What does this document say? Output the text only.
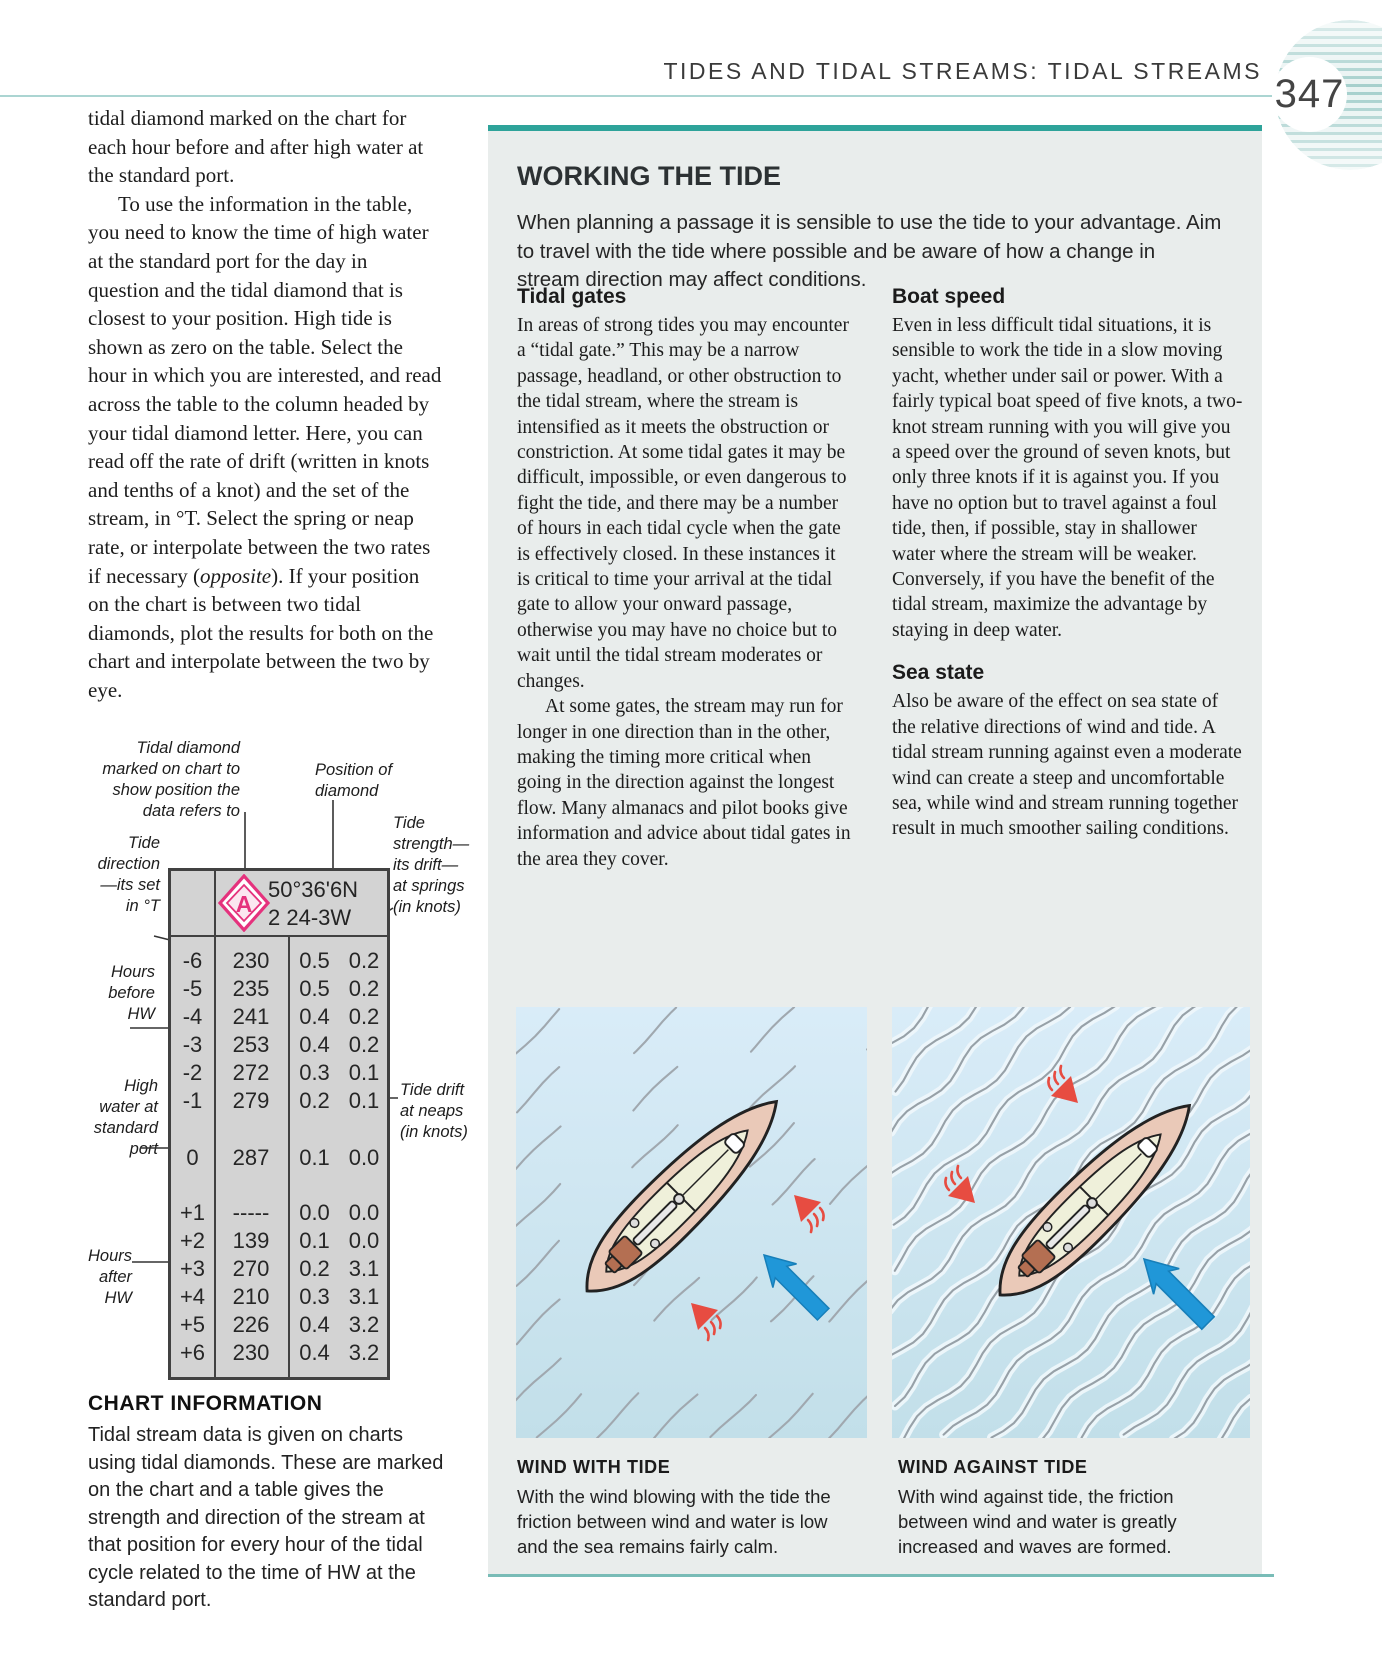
TIDES AND TIDAL STREAMS: TIDAL STREAMS
347

tidal diamond marked on the chart for each hour before and after high water at the standard port.

To use the information in the table, you need to know the time of high water at the standard port for the day in question and the tidal diamond that is closest to your position. High tide is shown as zero on the table. Select the hour in which you are interested, and read across the table to the column headed by your tidal diamond letter. Here, you can read off the rate of drift (written in knots and tenths of a knot) and the set of the stream, in °T. Select the spring or neap rate, or interpolate between the two rates if necessary (opposite). If your position on the chart is between two tidal diamonds, plot the results for both on the chart and interpolate between the two by eye.

Tidal diamond
marked on chart to
show position the
data refers to
Position of
diamond
Tide
strength—
its drift—
at springs
(in knots)
Tide
direction
—its set
in °T
Hours
before
HW
High
water at
standard
port
Hours
after
HW
Tide drift
at neaps
(in knots)
A
50°36'6N
2 24-3W
-6	230	0.5 0.2
-5	235	0.5 0.2
-4	241	0.4 0.2
-3	253	0.4 0.2
-2	272	0.3 0.1
-1	279	0.2 0.1
0	287	0.1 0.0
+1	-----	0.0 0.0
+2	139	0.1 0.0
+3	270	0.2 3.1
+4	210	0.3 3.1
+5	226	0.4 3.2
+6	230	0.4 3.2
CHART INFORMATION

Tidal stream data is given on charts using tidal diamonds. These are marked on the chart and a table gives the strength and direction of the stream at that position for every hour of the tidal cycle related to the time of HW at the standard port.

WORKING THE TIDE
When planning a passage it is sensible to use the tide to your advantage. Aim to travel with the tide where possible and be aware of how a change in stream direction may affect conditions.
Tidal gates

In areas of strong tides you may encounter a “tidal gate.” This may be a narrow passage, headland, or other obstruction to the tidal stream, where the stream is intensified as it meets the obstruction or constriction. At some tidal gates it may be difficult, impossible, or even dangerous to fight the tide, and there may be a number of hours in each tidal cycle when the gate is effectively closed. In these instances it is critical to time your arrival at the tidal gate to allow your onward passage, otherwise you may have no choice but to wait until the tidal stream moderates or changes.

At some gates, the stream may run for longer in one direction than in the other, making the timing more critical when going in the direction against the longest flow. Many almanacs and pilot books give information and advice about tidal gates in the area they cover.

Boat speed

Even in less difficult tidal situations, it is sensible to work the tide in a slow moving yacht, whether under sail or power. With a fairly typical boat speed of five knots, a two-knot stream running with you will give you a speed over the ground of seven knots, but only three knots if it is against you. If you have no option but to travel against a foul tide, then, if possible, stay in shallower water where the stream will be weaker. Conversely, if you have the benefit of the tidal stream, maximize the advantage by staying in deep water.

Sea state

Also be aware of the effect on sea state of the relative directions of wind and tide. A tidal stream running against even a moderate wind can create a steep and uncomfortable sea, while wind and stream running together result in much smoother sailing conditions.

WIND WITH TIDE

With the wind blowing with the tide the friction between wind and water is low and the sea remains fairly calm.

WIND AGAINST TIDE

With wind against tide, the friction between wind and water is greatly increased and waves are formed.
